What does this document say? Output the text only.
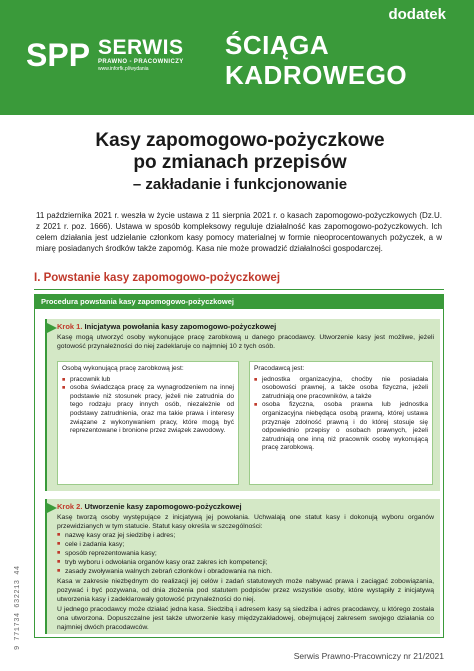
SPP SERWIS
PRAWNO - PRACOWNICZY
www.inforfk.pl/wydania
dodatek
ŚCIĄGA
KADROWEGO
9 771734 632213 44
Kasy zapomogowo-pożyczkowe
po zmianach przepisów
– zakładanie i funkcjonowanie

11 października 2021 r. weszła w życie ustawa z 11 sierpnia 2021 r. o kasach zapomogowo-pożyczkowych (Dz.U. z 2021 r. poz. 1666). Ustawa w sposób kompleksowy reguluje działalność kas zapomogowo-pożyczkowych. Ich celem działania jest udzielanie członkom kasy pomocy materialnej w formie nieoprocentowanych pożyczek, a w miarę posiadanych środków także zapomóg. Kasa nie może prowadzić działalności gospodarczej.

I. Powstanie kasy zapomogowo-pożyczkowej
Procedura powstania kasy zapomogowo-pożyczkowej
Krok 1. Inicjatywa powołania kasy zapomogowo-pożyczkowej
Kasę mogą utworzyć osoby wykonujące pracę zarobkową u danego pracodawcy. Utworzenie kasy jest możliwe, jeżeli gotowość przynależności do niej zadeklaruje co najmniej 10 z tych osób.
Osobą wykonującą pracę zarobkową jest:
■ pracownik lub
■ osoba świadcząca pracę za wynagrodzeniem na innej podstawie niż stosunek pracy, jeżeli nie zatrudnia do tego rodzaju pracy innych osób, niezależnie od podstawy zatrudnienia, oraz ma takie prawa i interesy związane z wykonywaniem pracy, które mogą być reprezentowane i bronione przez związek zawodowy.
Pracodawcą jest:
■ jednostka organizacyjna, choćby nie posiadała osobowości prawnej, a także osoba fizyczna, jeżeli zatrudniają one pracowników, a także
■ osoba fizyczna, osoba prawna lub jednostka organizacyjna niebędąca osobą prawną, której ustawa przyznaje zdolność prawną i do której stosuje się odpowiednio przepisy o osobach prawnych, jeżeli zatrudniają one inną niż pracownik osobę wykonującą pracę zarobkową.
Krok 2. Utworzenie kasy zapomogowo-pożyczkowej
Kasę tworzą osoby występujące z inicjatywą jej powołania. Uchwalają one statut kasy i dokonują wyboru organów przewidzianych w tym statucie. Statut kasy określa w szczególności:
■ nazwę kasy oraz jej siedzibę i adres;
■ cele i zadania kasy;
■ sposób reprezentowania kasy;
■ tryb wyboru i odwołania organów kasy oraz zakres ich kompetencji;
■ zasady zwoływania walnych zebrań członków i obradowania na nich.
Kasa w zakresie niezbędnym do realizacji jej celów i zadań statutowych może nabywać prawa i zaciągać zobowiązania, pozywać i być pozywana, od dnia złożenia pod statutem podpisów przez wszystkie osoby, które wystąpiły z inicjatywą utworzenia kasy i zadeklarowały gotowość przynależności do niej.
U jednego pracodawcy może działać jedna kasa. Siedzibą i adresem kasy są siedziba i adres pracodawcy, u którego została ona utworzona. Dopuszczalne jest także utworzenie kasy międzyzakładowej, obejmującej zakresem swojego działania co najmniej dwóch pracodawców.
Serwis Prawno-Pracowniczy nr 21/2021
